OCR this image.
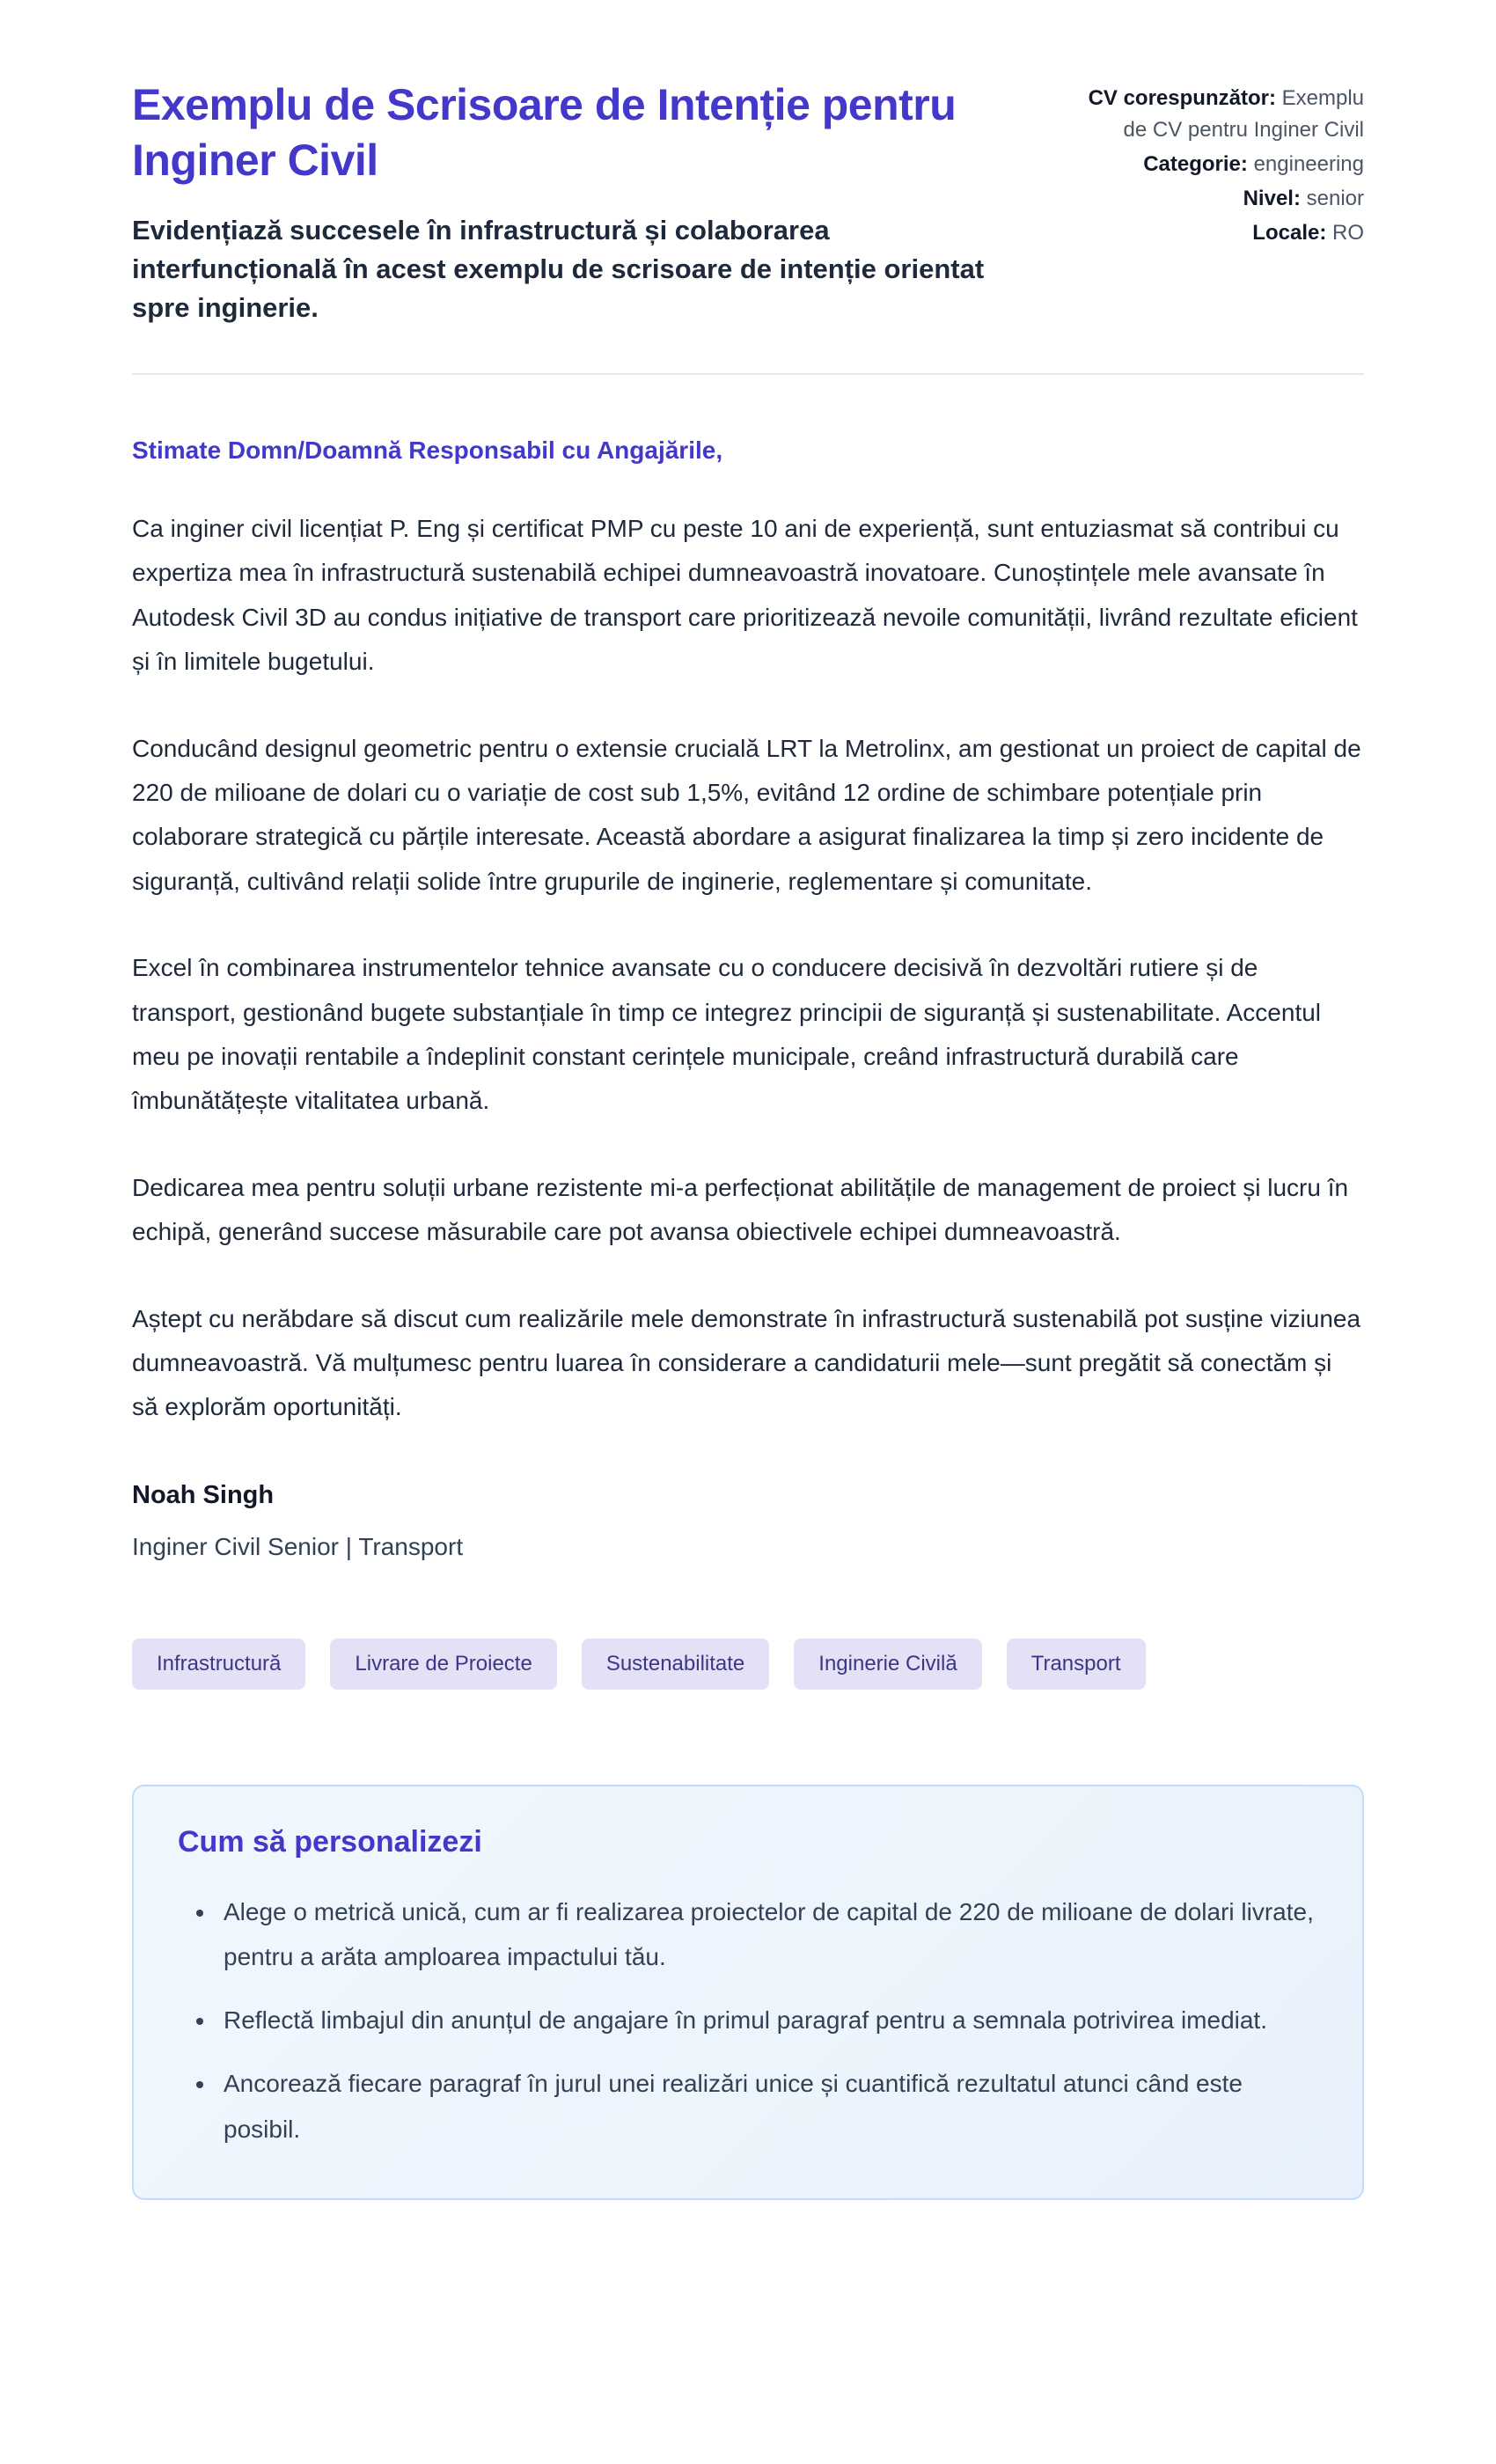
Exemplu de Scrisoare de Intenție pentru Inginer Civil

Evidențiază succesele în infrastructură și colaborarea interfuncțională în acest exemplu de scrisoare de intenție orientat spre inginerie.

CV corespunzător: Exemplu de CV pentru Inginer Civil
Categorie: engineering
Nivel: senior
Locale: RO

Stimate Domn/Doamnă Responsabil cu Angajările,

Ca inginer civil licențiat P. Eng și certificat PMP cu peste 10 ani de experiență, sunt entuziasmat să contribui cu expertiza mea în infrastructură sustenabilă echipei dumneavoastră inovatoare. Cunoștințele mele avansate în Autodesk Civil 3D au condus inițiative de transport care prioritizează nevoile comunității, livrând rezultate eficient și în limitele bugetului.

Conducând designul geometric pentru o extensie crucială LRT la Metrolinx, am gestionat un proiect de capital de 220 de milioane de dolari cu o variație de cost sub 1,5%, evitând 12 ordine de schimbare potențiale prin colaborare strategică cu părțile interesate. Această abordare a asigurat finalizarea la timp și zero incidente de siguranță, cultivând relații solide între grupurile de inginerie, reglementare și comunitate.

Excel în combinarea instrumentelor tehnice avansate cu o conducere decisivă în dezvoltări rutiere și de transport, gestionând bugete substanțiale în timp ce integrez principii de siguranță și sustenabilitate. Accentul meu pe inovații rentabile a îndeplinit constant cerințele municipale, creând infrastructură durabilă care îmbunătățește vitalitatea urbană.

Dedicarea mea pentru soluții urbane rezistente mi-a perfecționat abilitățile de management de proiect și lucru în echipă, generând succese măsurabile care pot avansa obiectivele echipei dumneavoastră.

Aștept cu nerăbdare să discut cum realizările mele demonstrate în infrastructură sustenabilă pot susține viziunea dumneavoastră. Vă mulțumesc pentru luarea în considerare a candidaturii mele—sunt pregătit să conectăm și să explorăm oportunități.

Noah Singh

Inginer Civil Senior | Transport

Infrastructură	Livrare de Proiecte	Sustenabilitate	Inginerie Civilă	Transport
Cum să personalizezi
• Alege o metrică unică, cum ar fi realizarea proiectelor de capital de 220 de milioane de dolari livrate, pentru a arăta amploarea impactului tău.
• Reflectă limbajul din anunțul de angajare în primul paragraf pentru a semnala potrivirea imediat.
• Ancorează fiecare paragraf în jurul unei realizări unice și cuantifică rezultatul atunci când este posibil.
